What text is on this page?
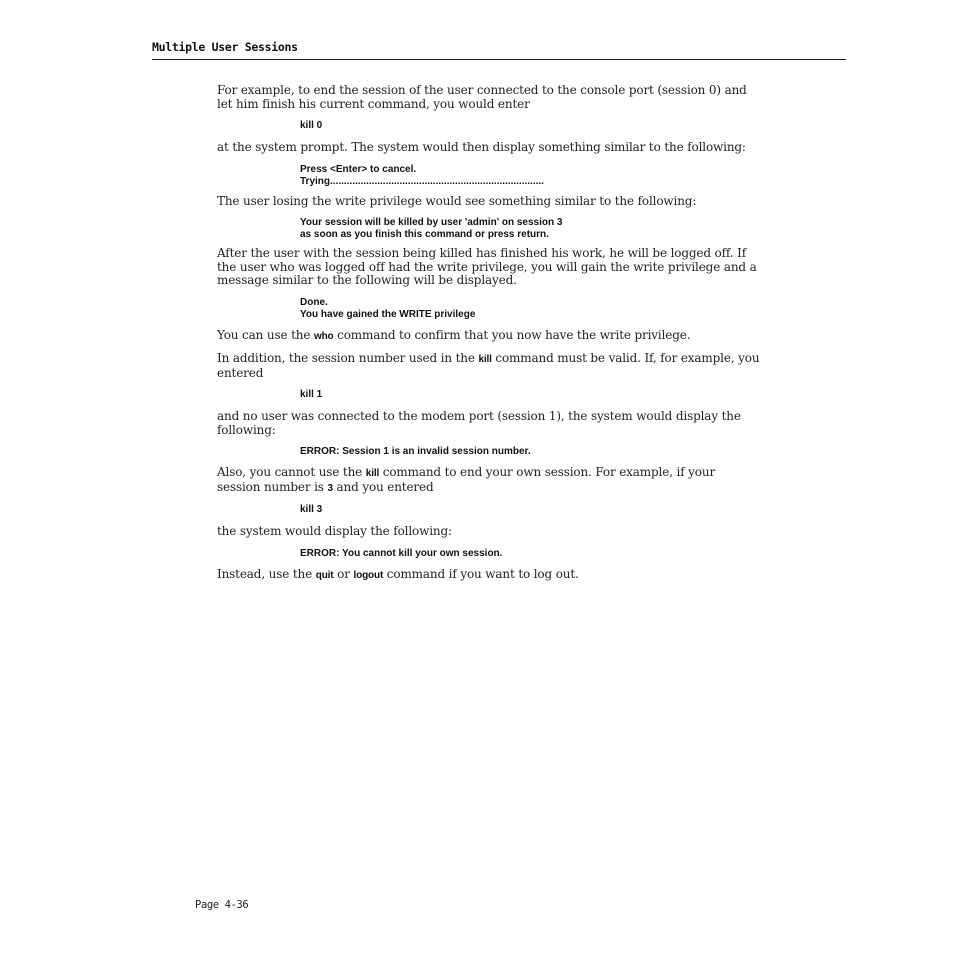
Multiple User Sessions

For example, to end the session of the user connected to the console port (session 0) and let him finish his current command, you would enter

kill 0

at the system prompt. The system would then display something similar to the following:

Press <Enter> to cancel.
Trying.............................................................................

The user losing the write privilege would see something similar to the following:

Your session will be killed by user 'admin' on session 3
as soon as you finish this command or press return.

After the user with the session being killed has finished his work, he will be logged off. If the user who was logged off had the write privilege, you will gain the write privilege and a message similar to the following will be displayed.

Done.
You have gained the WRITE privilege

You can use the who command to confirm that you now have the write privilege.

In addition, the session number used in the kill command must be valid. If, for example, you entered

kill 1

and no user was connected to the modem port (session 1), the system would display the following:

ERROR: Session 1 is an invalid session number.

Also, you cannot use the kill command to end your own session. For example, if your session number is 3 and you entered

kill 3

the system would display the following:

ERROR: You cannot kill your own session.

Instead, use the quit or logout command if you want to log out.

Page 4-36
